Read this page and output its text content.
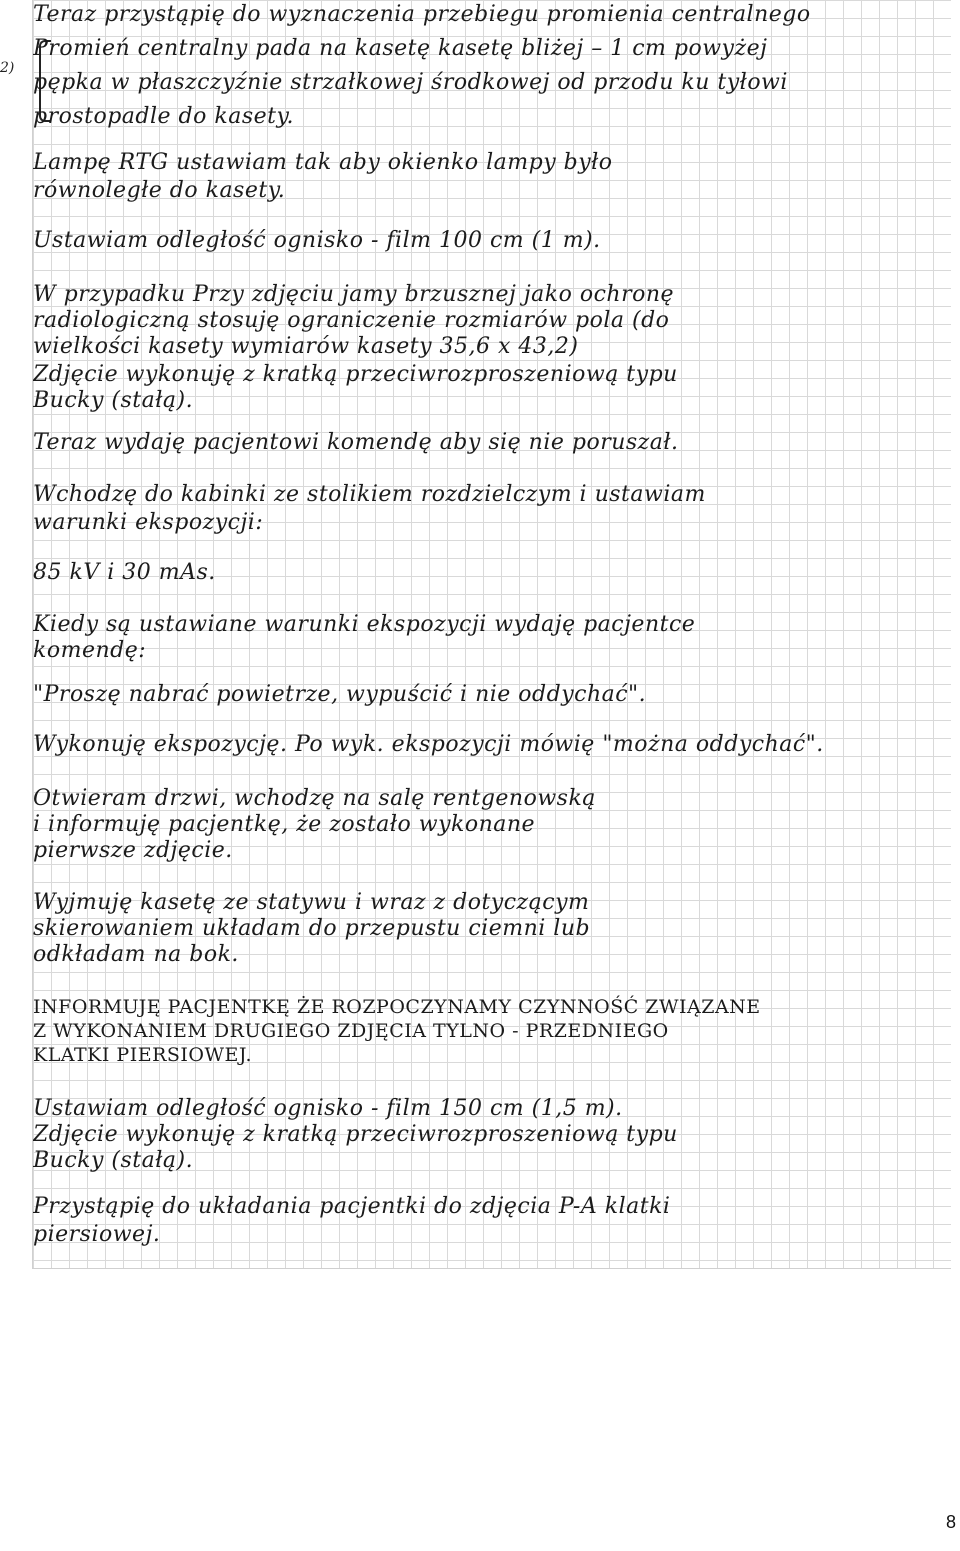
Teraz przystąpię do wyznaczenia przebiegu promienia centralnego
Promień centralny pada na kasetę kasetę bliżej – 1 cm powyżej
pępka w płaszczyźnie strzałkowej środkowej od przodu ku tyłowi
prostopadle do kasety.
Lampę RTG ustawiam tak aby okienko lampy było
równoległe do kasety.
Ustawiam odległość ognisko - film 100 cm (1 m).
W przypadku Przy zdjęciu jamy brzusznej jako ochronę
radiologiczną stosuję ograniczenie rozmiarów pola (do
wielkości kasety wymiarów kasety 35,6 x 43,2)
Zdjęcie wykonuję z kratką przeciwrozproszeniową typu
Bucky (stałą).
Teraz wydaję pacjentowi komendę aby się nie poruszał.
Wchodzę do kabinki ze stolikiem rozdzielczym i ustawiam
warunki ekspozycji:
85 kV i 30 mAs.
Kiedy są ustawiane warunki ekspozycji wydaję pacjentce
komendę:
"Proszę nabrać powietrze, wypuścić i nie oddychać".
Wykonuję ekspozycję. Po wyk. ekspozycji mówię "można oddychać".
Otwieram drzwi, wchodzę na salę rentgenowską
i informuję pacjentkę, że zostało wykonane
pierwsze zdjęcie.
Wyjmuję kasetę ze statywu i wraz z dotyczącym
skierowaniem układam do przepustu ciemni lub
odkładam na bok.
INFORMUJĘ PACJENTKĘ ŻE ROZPOCZYNAMY CZYNNOŚĆ ZWIĄZANE
Z WYKONANIEM DRUGIEGO ZDJĘCIA TYLNO - PRZEDNIEGO
KLATKI PIERSIOWEJ.
Ustawiam odległość ognisko - film 150 cm (1,5 m).
Zdjęcie wykonuję z kratką przeciwrozproszeniową typu
Bucky (stałą).
Przystąpię do układania pacjentki do zdjęcia P-A klatki
piersiowej.
2)
8
